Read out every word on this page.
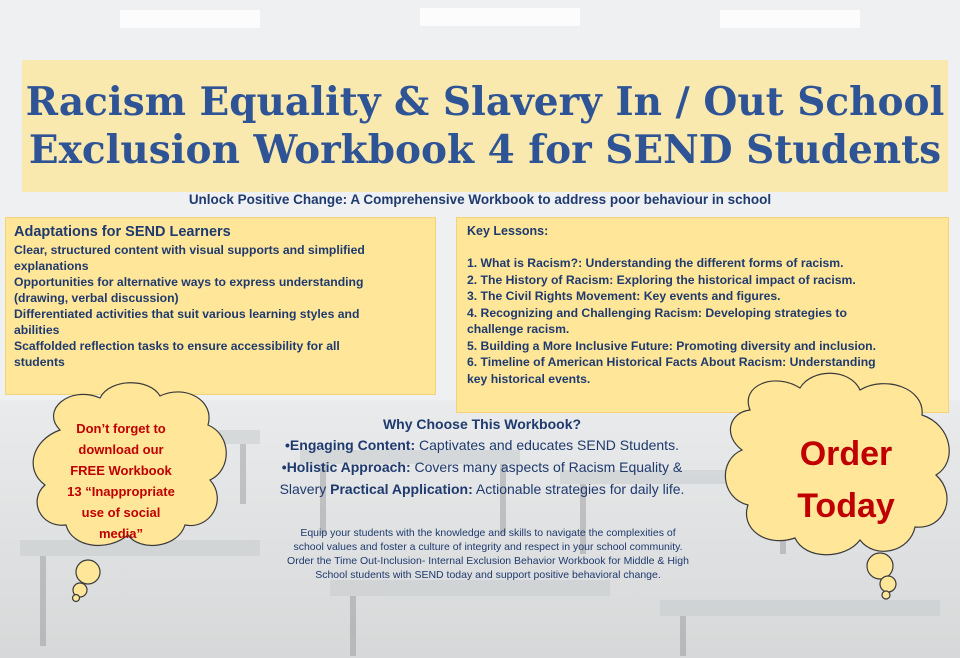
Racism Equality & Slavery In / Out School
Exclusion Workbook 4 for SEND Students

Unlock Positive Change: A Comprehensive Workbook to address poor behaviour in school

Adaptations for SEND Learners
Clear, structured content with visual supports and simplified
explanations
Opportunities for alternative ways to express understanding
(drawing, verbal discussion)
Differentiated activities that suit various learning styles and
abilities
Scaffolded reflection tasks to ensure accessibility for all
students
Key Lessons:
1. What is Racism?: Understanding the different forms of racism.
2. The History of Racism: Exploring the historical impact of racism.
3. The Civil Rights Movement: Key events and figures.
4. Recognizing and Challenging Racism: Developing strategies to
challenge racism.
5. Building a More Inclusive Future: Promoting diversity and inclusion.
6. Timeline of American Historical Facts About Racism: Understanding
key historical events.
Why Choose This Workbook?
•Engaging Content: Captivates and educates SEND Students.
•Holistic Approach: Covers many aspects of Racism Equality &
Slavery Practical Application: Actionable strategies for daily life.
Equip your students with the knowledge and skills to navigate the complexities of
school values and foster a culture of integrity and respect in your school community.
Order the Time Out-Inclusion- Internal Exclusion Behavior Workbook for Middle & High
School students with SEND today and support positive behavioral change.
Don’t forget to
download our
FREE Workbook
13 “Inappropriate
use of social
media”
Order
Today
